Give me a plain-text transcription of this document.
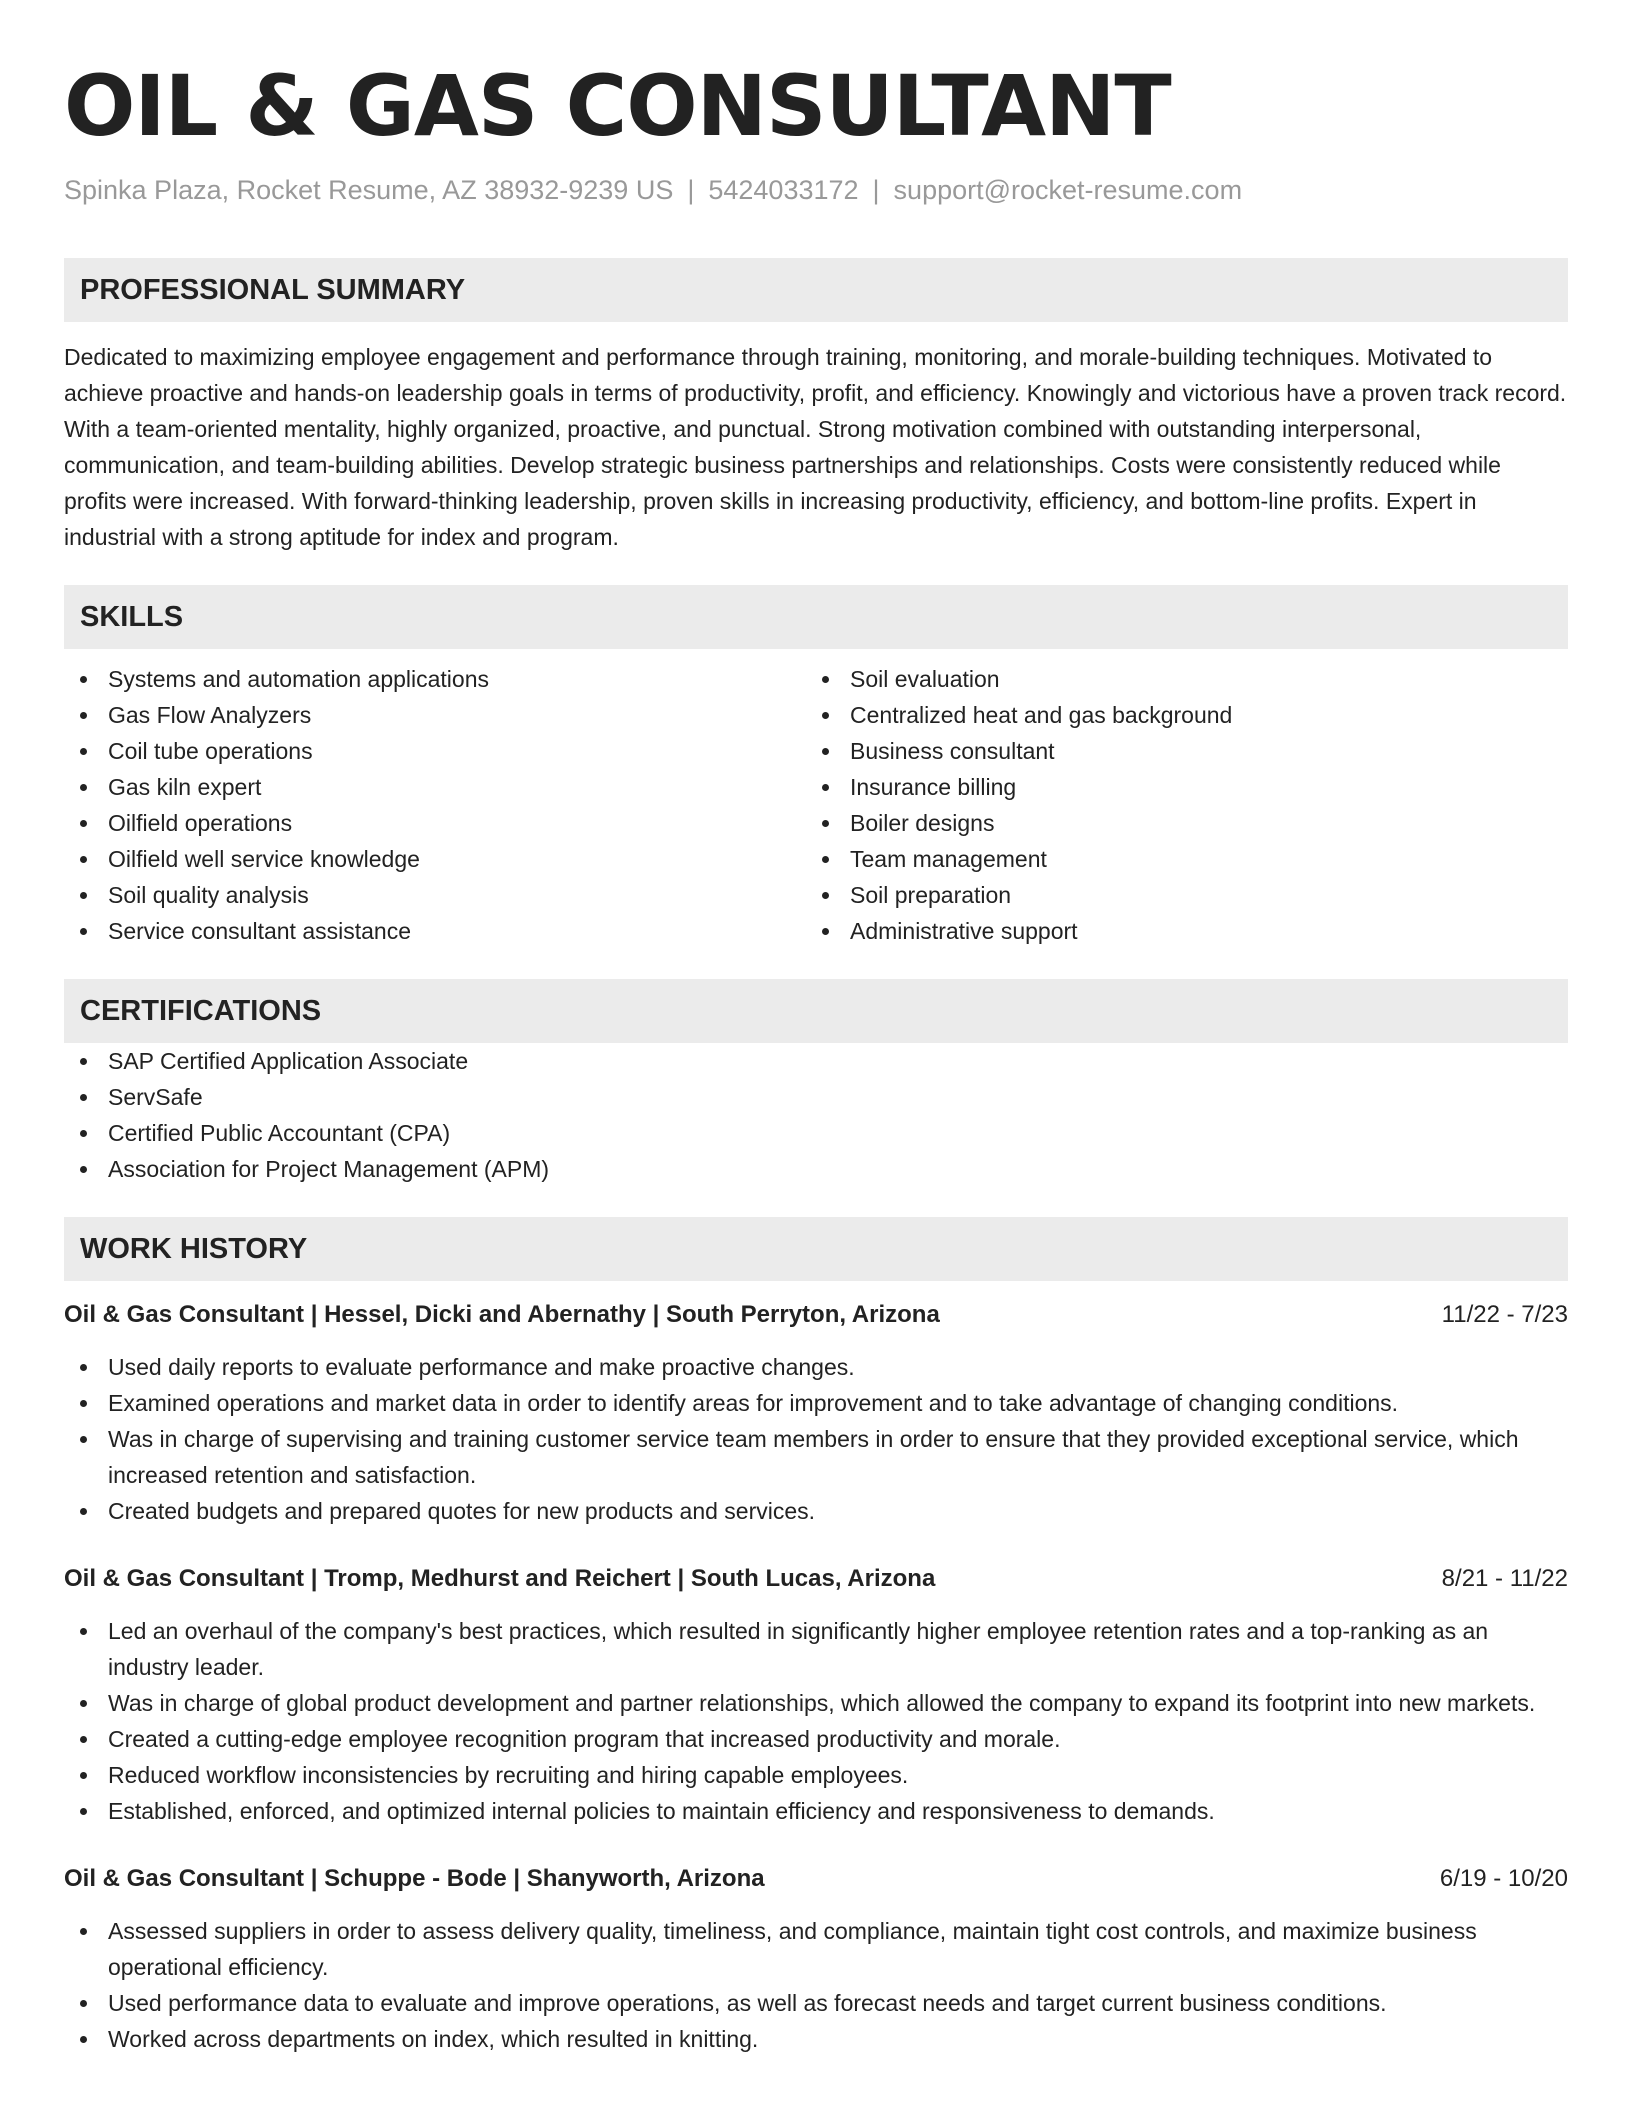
OIL & GAS CONSULTANT
Spinka Plaza, Rocket Resume, AZ 38932-9239 US | 5424033172 | support@rocket-resume.com
PROFESSIONAL SUMMARY

Dedicated to maximizing employee engagement and performance through training, monitoring, and morale-building techniques. Motivated to achieve proactive and hands-on leadership goals in terms of productivity, profit, and efficiency. Knowingly and victorious have a proven track record. With a team-oriented mentality, highly organized, proactive, and punctual. Strong motivation combined with outstanding interpersonal, communication, and team-building abilities. Develop strategic business partnerships and relationships. Costs were consistently reduced while profits were increased. With forward-thinking leadership, proven skills in increasing productivity, efficiency, and bottom-line profits. Expert in industrial with a strong aptitude for index and program.

SKILLS
Systems and automation applications
Gas Flow Analyzers
Coil tube operations
Gas kiln expert
Oilfield operations
Oilfield well service knowledge
Soil quality analysis
Service consultant assistance
Soil evaluation
Centralized heat and gas background
Business consultant
Insurance billing
Boiler designs
Team management
Soil preparation
Administrative support
CERTIFICATIONS
SAP Certified Application Associate
ServSafe
Certified Public Accountant (CPA)
Association for Project Management (APM)
WORK HISTORY
Oil & Gas Consultant | Hessel, Dicki and Abernathy | South Perryton, Arizona	11/22 - 7/23
Used daily reports to evaluate performance and make proactive changes.
Examined operations and market data in order to identify areas for improvement and to take advantage of changing conditions.
Was in charge of supervising and training customer service team members in order to ensure that they provided exceptional service, which increased retention and satisfaction.
Created budgets and prepared quotes for new products and services.
Oil & Gas Consultant | Tromp, Medhurst and Reichert | South Lucas, Arizona	8/21 - 11/22
Led an overhaul of the company's best practices, which resulted in significantly higher employee retention rates and a top-ranking as an industry leader.
Was in charge of global product development and partner relationships, which allowed the company to expand its footprint into new markets.
Created a cutting-edge employee recognition program that increased productivity and morale.
Reduced workflow inconsistencies by recruiting and hiring capable employees.
Established, enforced, and optimized internal policies to maintain efficiency and responsiveness to demands.
Oil & Gas Consultant | Schuppe - Bode | Shanyworth, Arizona	6/19 - 10/20
Assessed suppliers in order to assess delivery quality, timeliness, and compliance, maintain tight cost controls, and maximize business operational efficiency.
Used performance data to evaluate and improve operations, as well as forecast needs and target current business conditions.
Worked across departments on index, which resulted in knitting.
